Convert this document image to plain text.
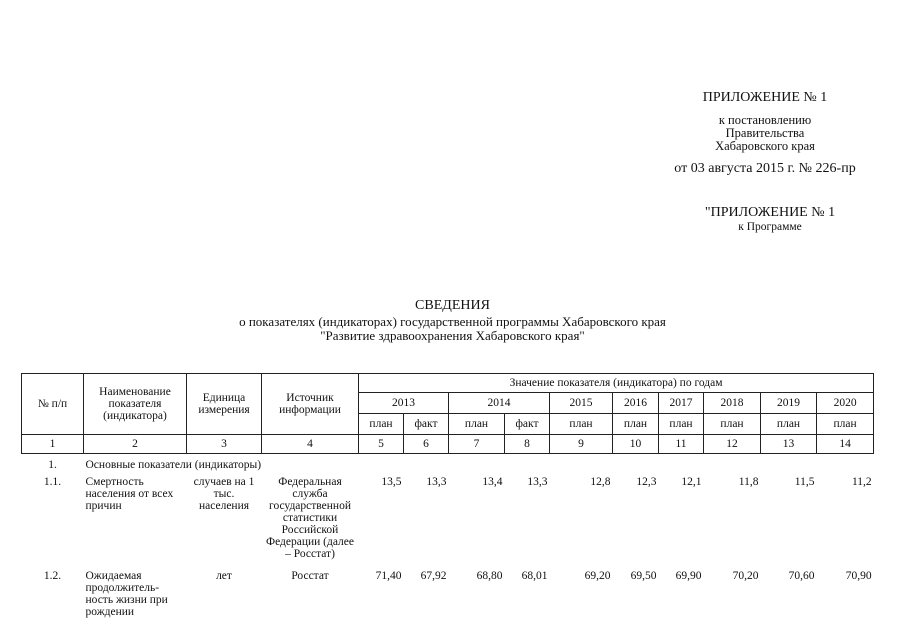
ПРИЛОЖЕНИЕ № 1
к постановлению
Правительства
Хабаровского края
от 03 августа 2015 г. № 226-пр
"ПРИЛОЖЕНИЕ № 1
к Программе
СВЕДЕНИЯ
о показателях (индикаторах) государственной программы Хабаровского края
"Развитие здравоохранения Хабаровского края"
№ п/п	Наименование показателя (индикатора)	Единица измерения	Источник информации	Значение показателя (индикатора) по годам									
				2013		2014		2015	2016	2017	2018	2019	2020
				план	факт	план	факт	план	план	план	план	план	план
1	2	3	4	5	6	7	8	9	10	11	12	13	14
1.	Основные показатели (индикаторы)												
1.1.	Смертность населения от всех причин	случаев на 1 тыс. населения	Федеральная служба государственной статистики Российской Федерации (далее – Росстат)	13,5	13,3	13,4	13,3	12,8	12,3	12,1	11,8	11,5	11,2
1.2.	Ожидаемая продолжитель-ность жизни при рождении	лет	Росстат	71,40	67,92	68,80	68,01	69,20	69,50	69,90	70,20	70,60	70,90
